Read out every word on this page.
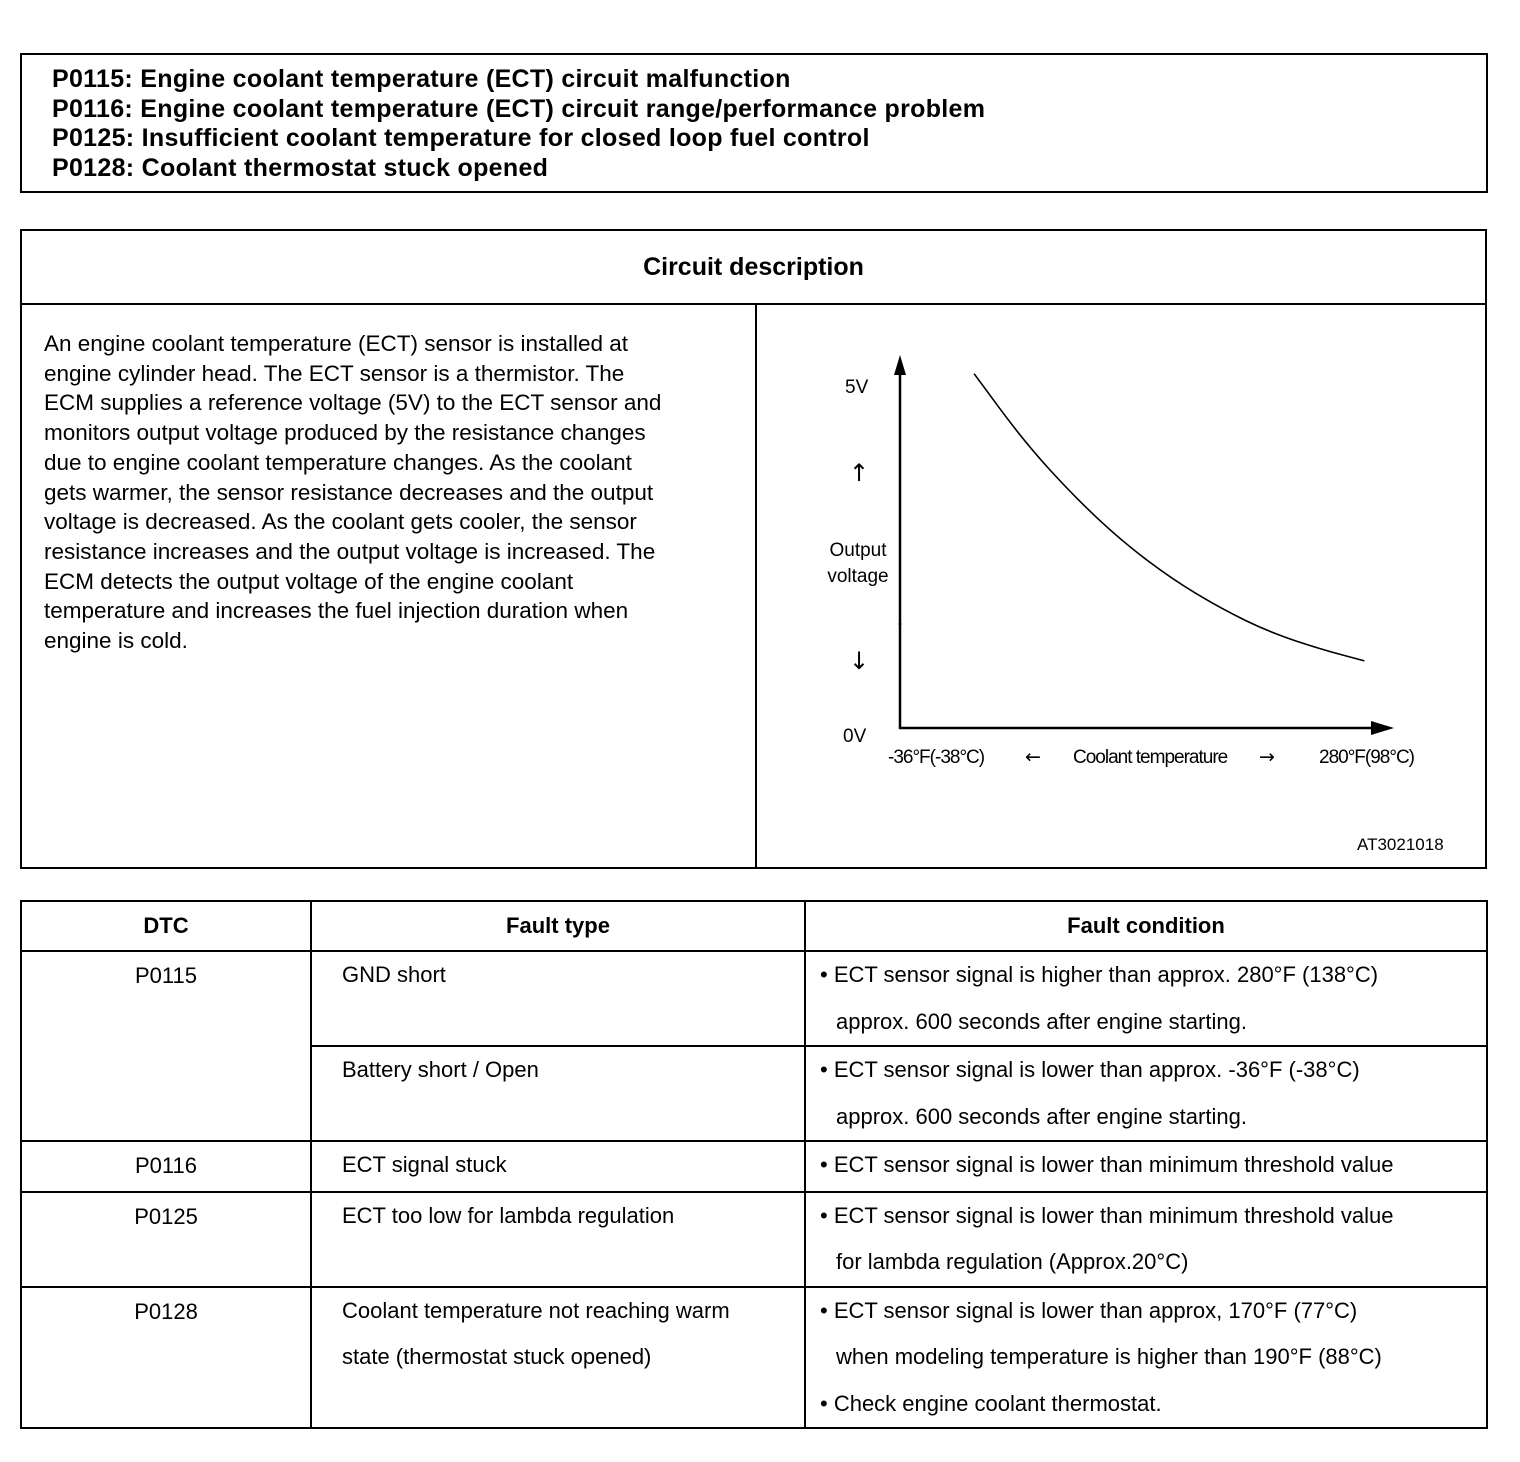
P0115: Engine coolant temperature (ECT) circuit malfunction
P0116: Engine coolant temperature (ECT) circuit range/performance problem
P0125: Insufficient coolant temperature for closed loop fuel control
P0128: Coolant thermostat stuck opened
Circuit description

An engine coolant temperature (ECT) sensor is installed at
engine cylinder head. The ECT sensor is a thermistor. The
ECM supplies a reference voltage (5V) to the ECT sensor and
monitors output voltage produced by the resistance changes
due to engine coolant temperature changes. As the coolant
gets warmer, the sensor resistance decreases and the output
voltage is decreased. As the coolant gets cooler, the sensor
resistance increases and the output voltage is increased. The
ECM detects the output voltage of the engine coolant
temperature and increases the fuel injection duration when
engine is cold.

5V
↑
Output
voltage
↓
0V
-36°F(-38°C) ← Coolant temperature → 280°F(98°C)
AT3021018
DTC	Fault type	Fault condition
P0115	GND short	• ECT sensor signal is higher than approx. 280°F (138°C)
approx. 600 seconds after engine starting.

	Battery short / Open	• ECT sensor signal is lower than approx. -36°F (-38°C)
approx. 600 seconds after engine starting.

P0116	ECT signal stuck	• ECT sensor signal is lower than minimum threshold value

P0125	ECT too low for lambda regulation	• ECT sensor signal is lower than minimum threshold value
for lambda regulation (Approx.20°C)

P0128	Coolant temperature not reaching warm
state (thermostat stuck opened)	• ECT sensor signal is lower than approx, 170°F (77°C)
when modeling temperature is higher than 190°F (88°C)
• Check engine coolant thermostat.
